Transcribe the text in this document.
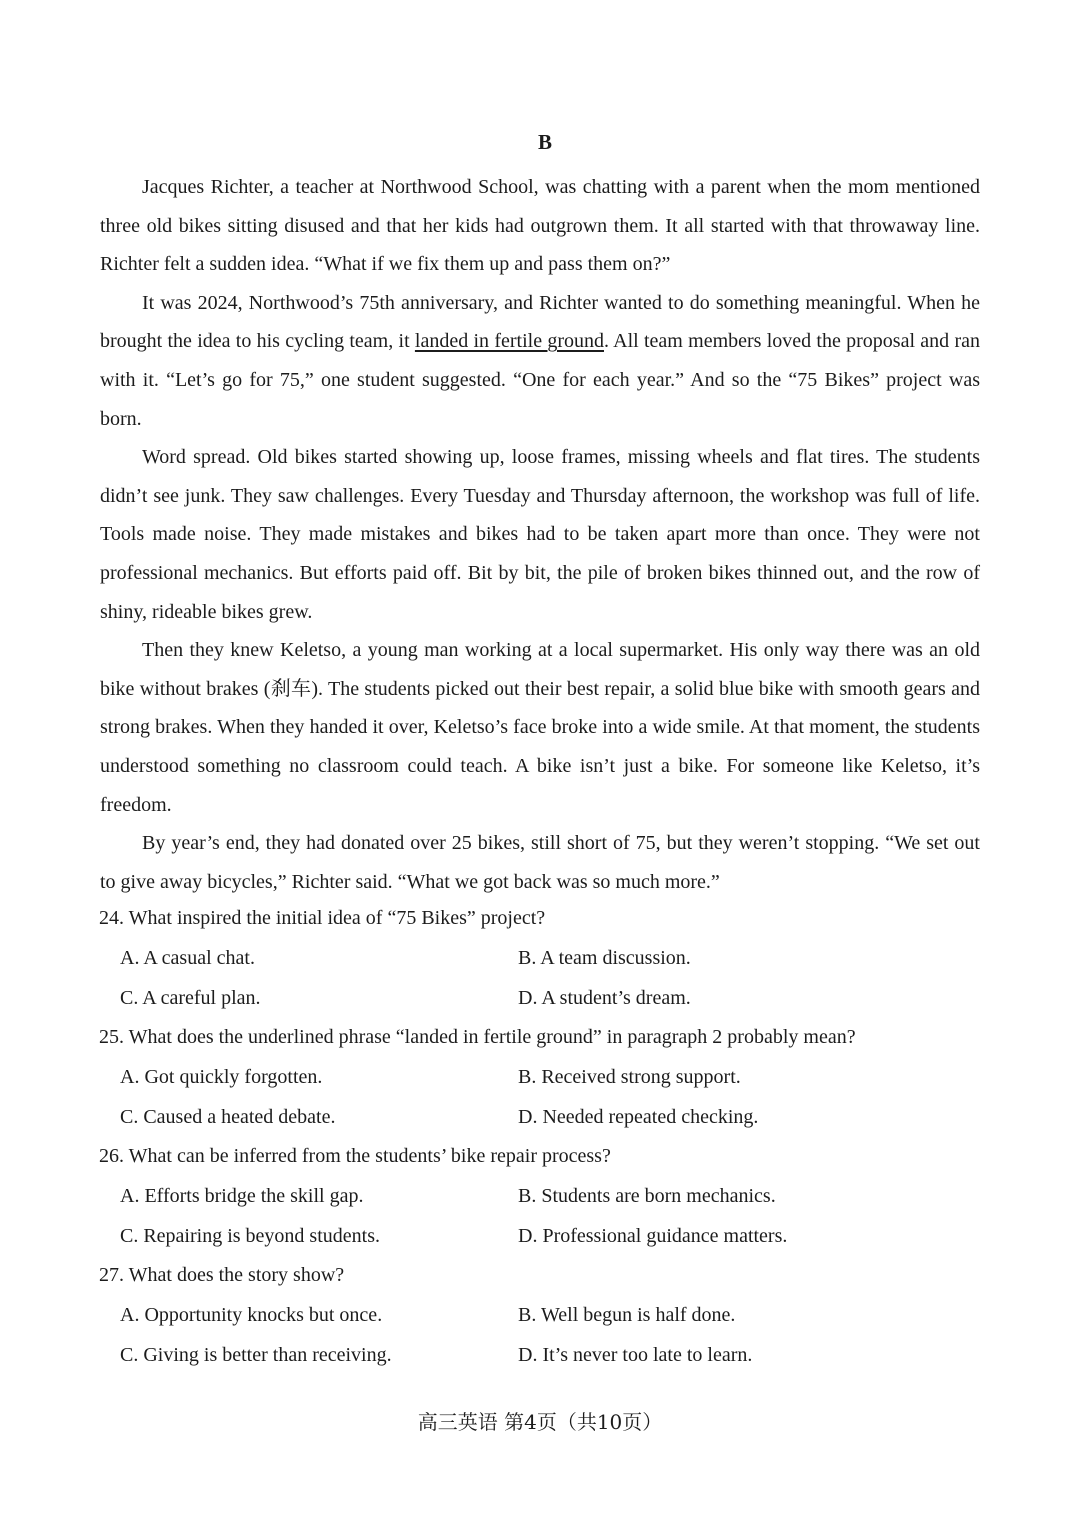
B

Jacques Richter, a teacher at Northwood School, was chatting with a parent when the mom mentioned three old bikes sitting disused and that her kids had outgrown them. It all started with that throwaway line. Richter felt a sudden idea. “What if we fix them up and pass them on?”

It was 2024, Northwood’s 75th anniversary, and Richter wanted to do something meaningful. When he brought the idea to his cycling team, it landed in fertile ground. All team members loved the proposal and ran with it. “Let’s go for 75,” one student suggested. “One for each year.” And so the “75 Bikes” project was born.

Word spread. Old bikes started showing up, loose frames, missing wheels and flat tires. The students didn’t see junk. They saw challenges. Every Tuesday and Thursday afternoon, the workshop was full of life. Tools made noise. They made mistakes and bikes had to be taken apart more than once. They were not professional mechanics. But efforts paid off. Bit by bit, the pile of broken bikes thinned out, and the row of shiny, rideable bikes grew.

Then they knew Keletso, a young man working at a local supermarket. His only way there was an old bike without brakes (刹车). The students picked out their best repair, a solid blue bike with smooth gears and strong brakes. When they handed it over, Keletso’s face broke into a wide smile. At that moment, the students understood something no classroom could teach. A bike isn’t just a bike. For someone like Keletso, it’s freedom.

By year’s end, they had donated over 25 bikes, still short of 75, but they weren’t stopping. “We set out to give away bicycles,” Richter said. “What we got back was so much more.”

24. What inspired the initial idea of “75 Bikes” project?
A. A casual chat.	B. A team discussion.
C. A careful plan.	D. A student’s dream.
25. What does the underlined phrase “landed in fertile ground” in paragraph 2 probably mean?
A. Got quickly forgotten.	B. Received strong support.
C. Caused a heated debate.	D. Needed repeated checking.
26. What can be inferred from the students’ bike repair process?
A. Efforts bridge the skill gap.	B. Students are born mechanics.
C. Repairing is beyond students.	D. Professional guidance matters.
27. What does the story show?
A. Opportunity knocks but once.	B. Well begun is half done.
C. Giving is better than receiving.	D. It’s never too late to learn.
高三英语 第4页（共10页）
